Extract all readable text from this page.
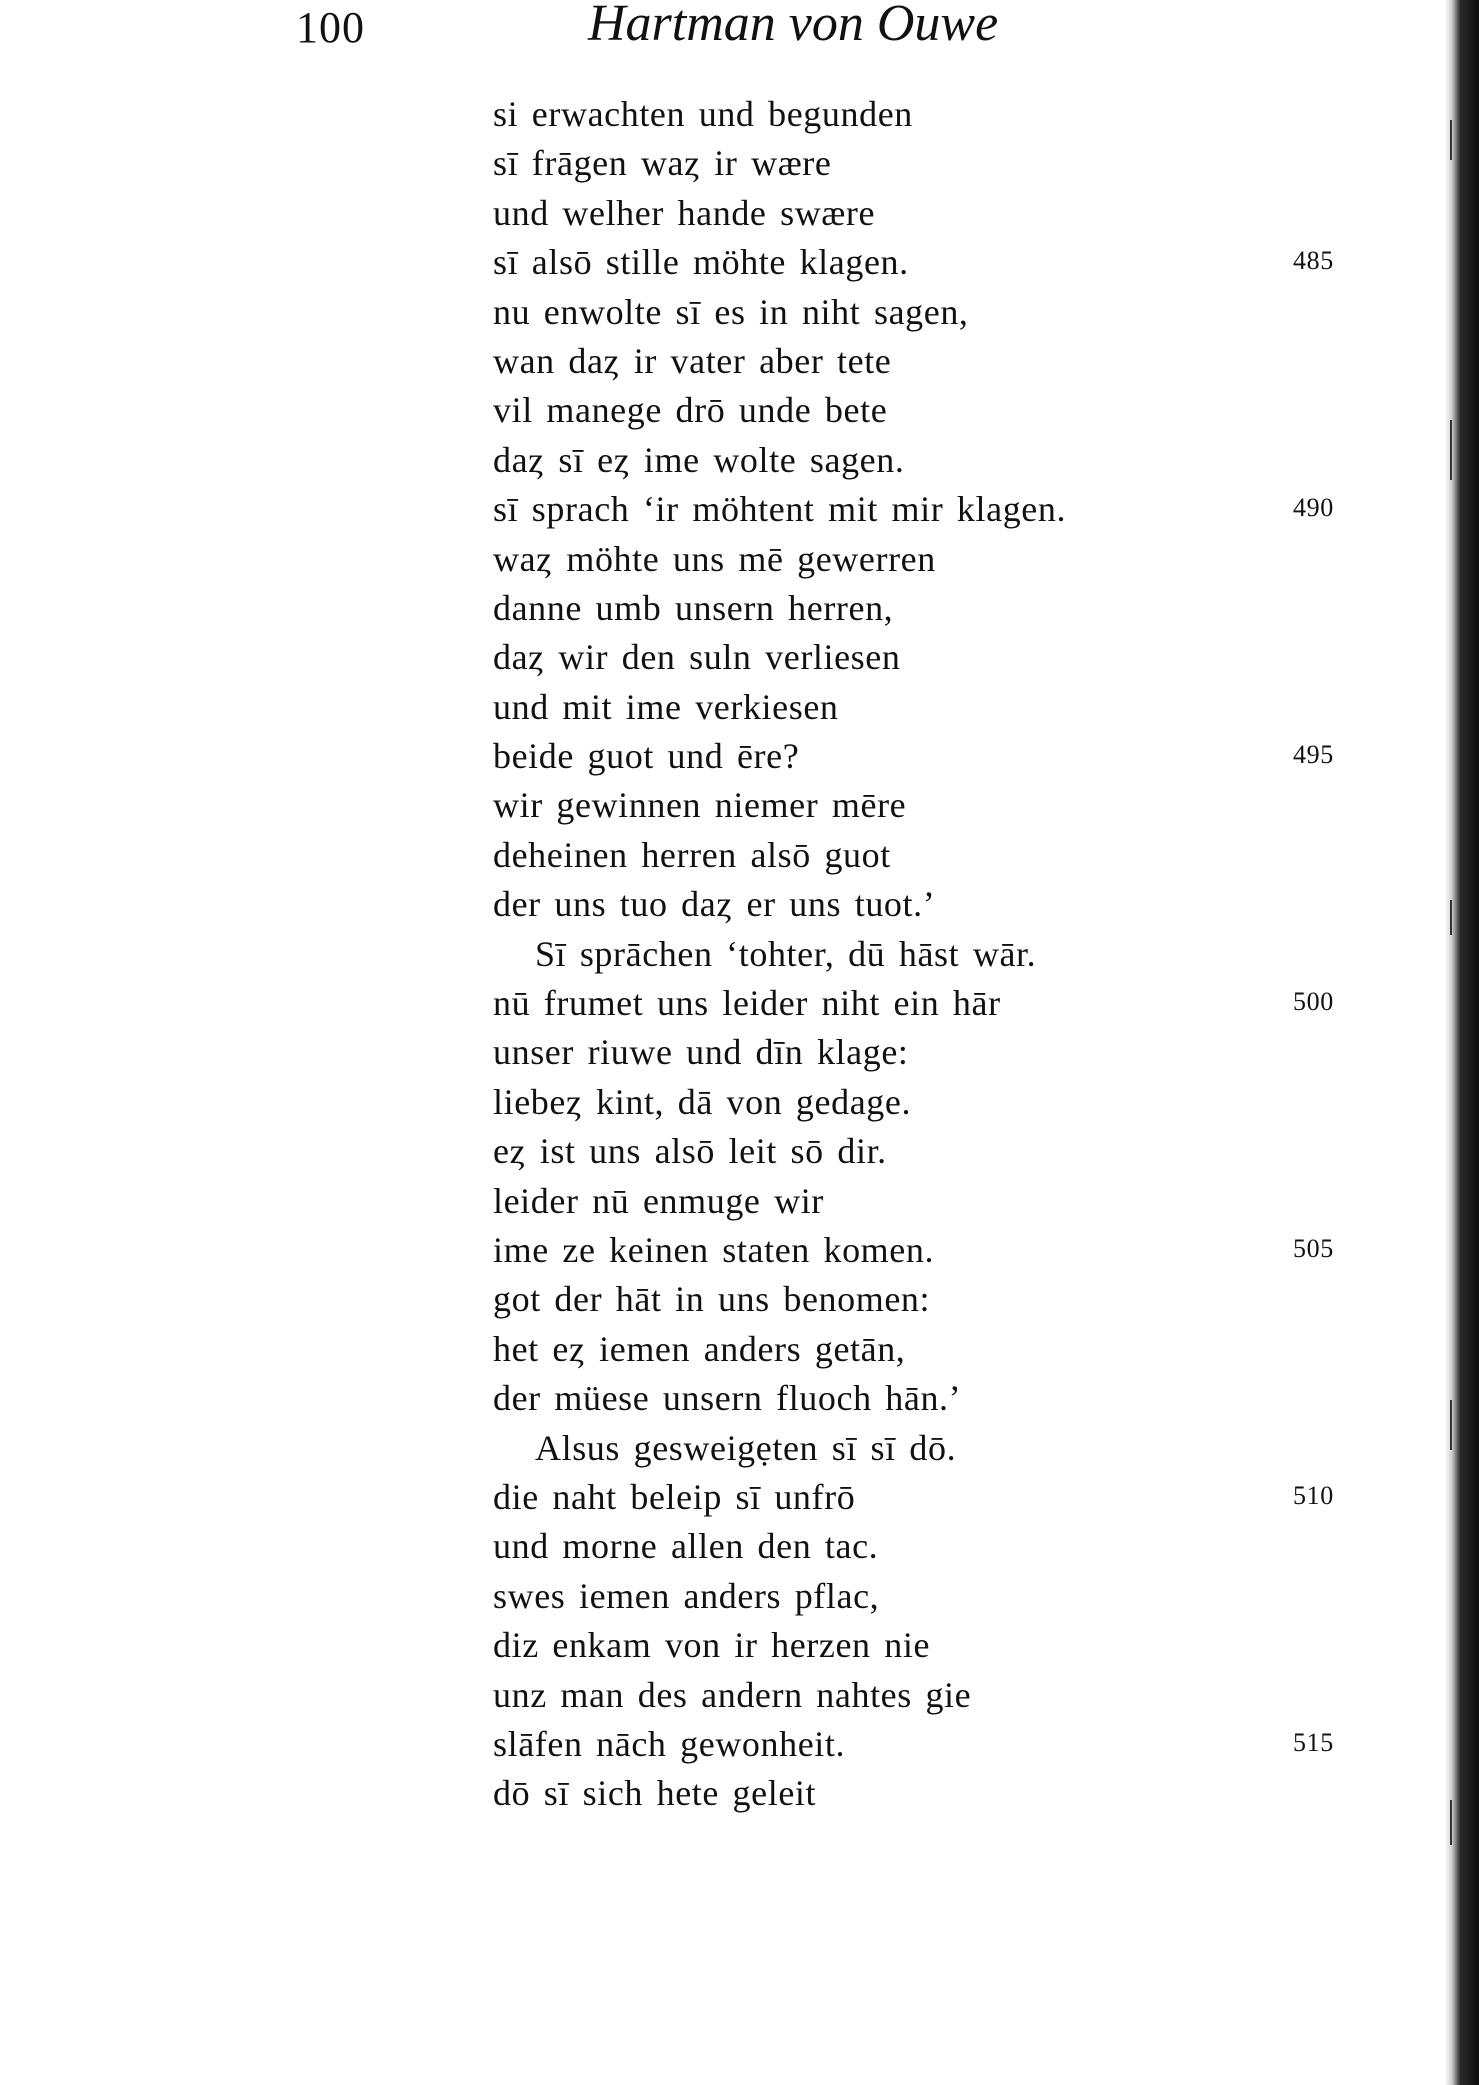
100	Hartman von Ouwe
si erwachten und begunden
sī frāgen waȥ ir wære
und welher hande swære
sī alsō stille möhte klagen.	485
nu enwolte sī es in niht sagen,
wan daȥ ir vater aber tete
vil manege drō unde bete
daȥ sī eȥ ime wolte sagen.
sī sprach ‘ir möhtent mit mir klagen.	490
waȥ möhte uns mē gewerren
danne umb unsern herren,
daȥ wir den suln verliesen
und mit ime verkiesen
beide guot und ēre?	495
wir gewinnen niemer mēre
deheinen herren alsō guot
der uns tuo daȥ er uns tuot.’
Sī sprāchen ‘tohter, dū hāst wār.
nū frumet uns leider niht ein hār	500
unser riuwe und dīn klage:
liebeȥ kint, dā von gedage.
eȥ ist uns alsō leit sō dir.
leider nū enmuge wir
ime ze keinen staten komen.	505
got der hāt in uns benomen:
het eȥ iemen anders getān,
der müese unsern fluoch hān.’
Alsus gesweigẹten sī sī dō.
die naht beleip sī unfrō	510
und morne allen den tac.
swes iemen anders pflac,
diz enkam von ir herzen nie
unz man des andern nahtes gie
slāfen nāch gewonheit.	515
dō sī sich hete geleit
